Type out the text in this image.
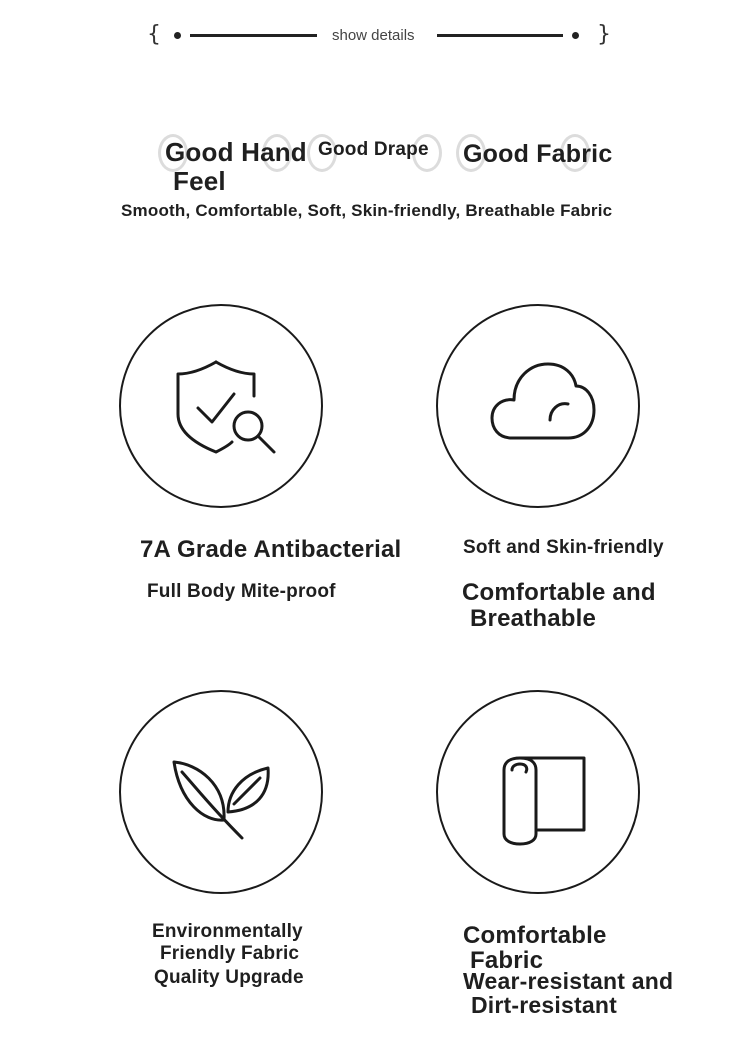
{	show details	}
Good Hand
Feel
Good Drape Good Fabric
Smooth, Comfortable, Soft, Skin-friendly, Breathable Fabric
7A Grade Antibacterial
Full Body Mite-proof
Soft and Skin-friendly
Comfortable and
Breathable
Environmentally
Friendly Fabric
Quality Upgrade
Comfortable
Fabric
Wear-resistant and
Dirt-resistant
